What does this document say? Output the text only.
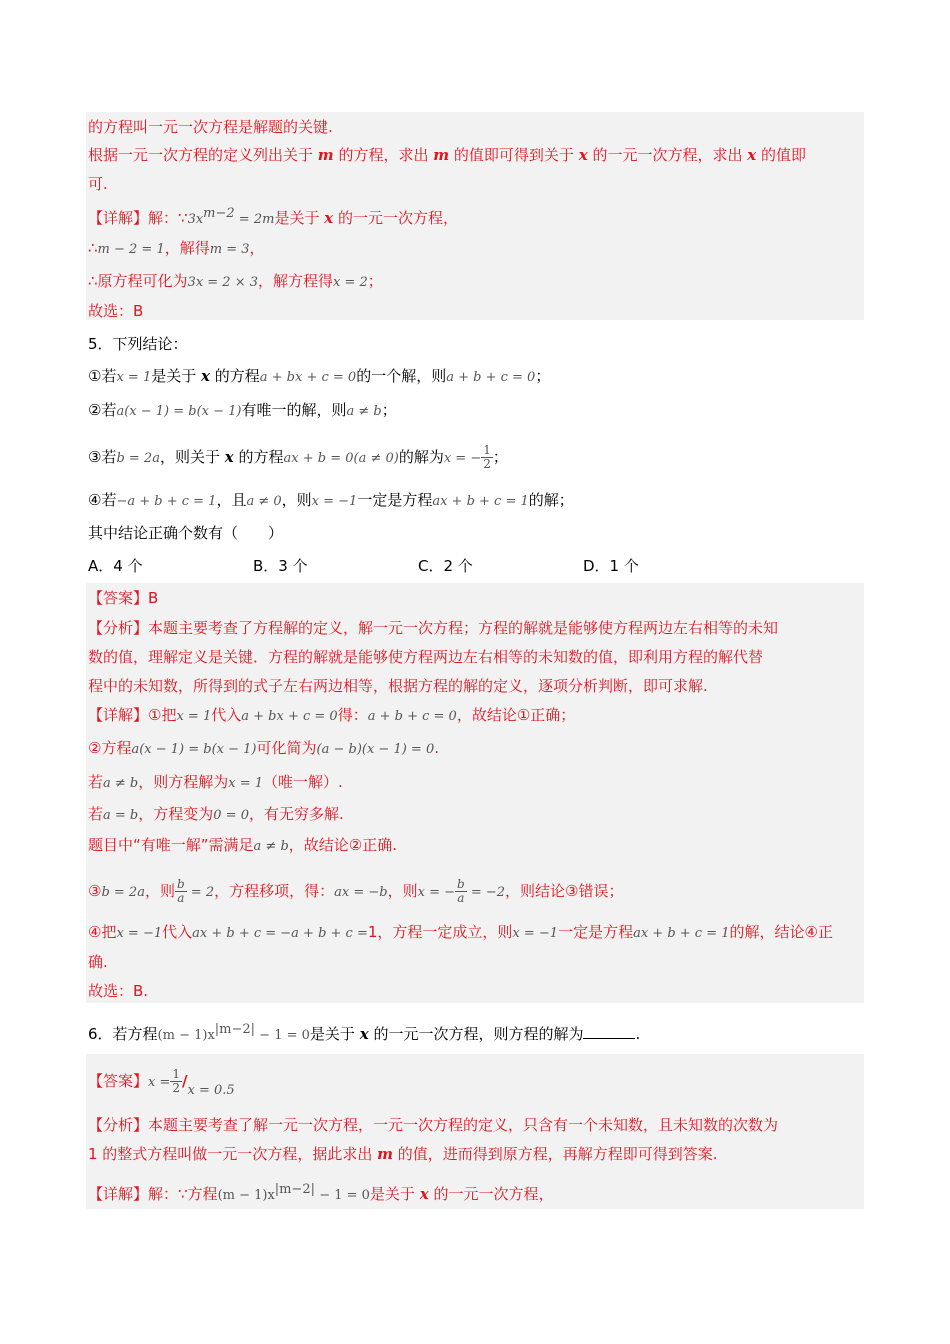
的方程叫一元一次方程是解题的关键.
根据一元一次方程的定义列出关于 m 的方程，求出 m 的值即可得到关于 x 的一元一次方程，求出 x 的值即
可.
【详解】解：$\because 3x^{m-2} = 2m$是关于 x 的一元一次方程，
∴m − 2 = 1，解得m = 3，
∴原方程可化为3x = 2 × 3，解方程得x = 2；
故选：B
5．下列结论：
①若x = 1是关于 x 的方程a + bx + c = 0的一个解，则a + b + c = 0；
②若a(x − 1) = b(x − 1)有唯一的解，则a ≠ b；
③若b = 2a，则关于 x 的方程ax + b = 0(a ≠ 0)的解为x = − $\frac{1}{2}$ ；
④若−a + b + c = 1，且a ≠ 0，则x = −1一定是方程ax + b + c = 1的解；
其中结论正确个数有（　　）
A．4 个	B．3 个	C．2 个	D．1 个
【答案】B
【分析】本题主要考查了方程解的定义，解一元一次方程；方程的解就是能够使方程两边左右相等的未知
数的值，理解定义是关键．方程的解就是能够使方程两边左右相等的未知数的值，即利用方程的解代替
程中的未知数，所得到的式子左右两边相等，根据方程的解的定义，逐项分析判断，即可求解.
【详解】①把x = 1代入a + bx + c = 0得：a + b + c = 0，故结论①正确；
②方程a(x − 1) = b(x − 1)可化简为(a − b)(x − 1) = 0.
若a ≠ b，则方程解为x = 1（唯一解）.
若a = b，方程变为0 = 0，有无穷多解.
题目中“有唯一解”需满足a ≠ b，故结论②正确.
③b = 2a，则 $\frac{b}{a} = 2$，方程移项，得：ax = −b，则x = − $\frac{b}{a} = -2$，则结论③错误；
④把x = −1代入ax + b + c = −a + b + c =1，方程一定成立，则x = −1一定是方程ax + b + c = 1的解，结论④正
确.
故选：B.
6．若方程$(m - 1)x^{|m-2|} - 1 = 0$是关于 x 的一元一次方程，则方程的解为	.
【答案】$x = \frac{1}{2} /x = 0.5$
【分析】本题主要考查了解一元一次方程，一元一次方程的定义，只含有一个未知数，且未知数的次数为
1 的整式方程叫做一元一次方程，据此求出 m 的值，进而得到原方程，再解方程即可得到答案.
【详解】解：∵方程$(m - 1)x^{|m-2|} - 1 = 0$是关于 x 的一元一次方程，
